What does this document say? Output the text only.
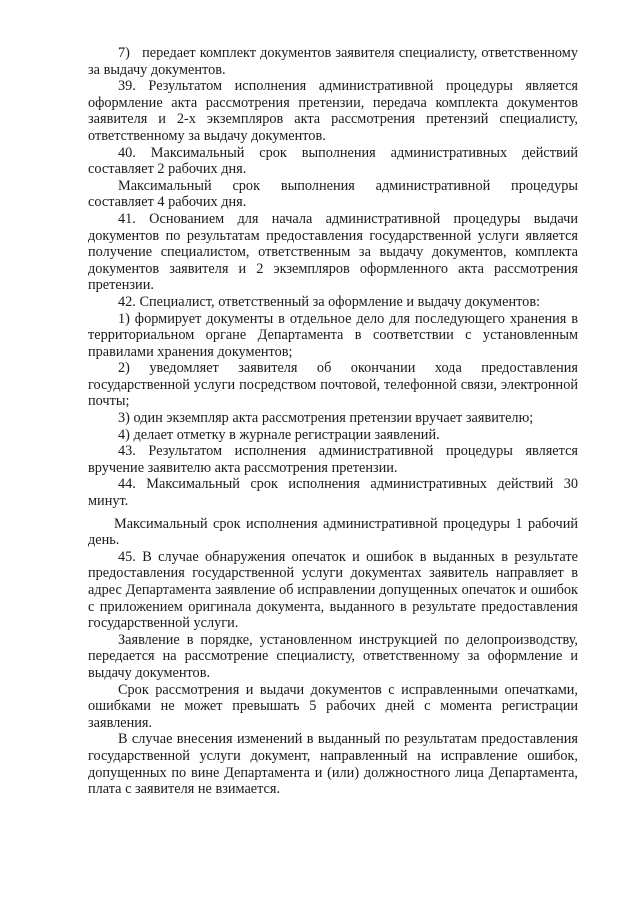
7)   передает комплект документов заявителя специалисту, ответственному за выдачу документов.

39. Результатом исполнения административной процедуры является оформление акта рассмотрения претензии, передача комплекта документов заявителя и 2-х экземпляров акта рассмотрения претензий специалисту, ответственному за выдачу документов.

40. Максимальный срок выполнения административных действий составляет 2 рабочих дня.

Максимальный срок выполнения административной процедуры составляет 4 рабочих дня.

41. Основанием для начала административной процедуры выдачи документов по результатам предоставления государственной услуги является получение специалистом, ответственным за выдачу документов, комплекта документов заявителя и 2 экземпляров оформленного акта рассмотрения претензии.

42. Специалист, ответственный за оформление и выдачу документов:

1) формирует документы в отдельное дело для последующего хранения в территориальном органе Департамента в соответствии с установленным правилами хранения документов;

2) уведомляет заявителя об окончании хода предоставления государственной услуги посредством почтовой, телефонной связи, электронной почты;

3) один экземпляр акта рассмотрения претензии вручает заявителю;

4) делает отметку в журнале регистрации заявлений.

43. Результатом исполнения административной процедуры является вручение заявителю акта рассмотрения претензии.

44. Максимальный срок исполнения административных действий 30 минут.

Максимальный срок исполнения административной процедуры 1 рабочий день.

45. В случае обнаружения опечаток и ошибок в выданных в результате предоставления государственной услуги документах заявитель направляет в адрес Департамента заявление об исправлении допущенных опечаток и ошибок с приложением оригинала документа, выданного в результате предоставления государственной услуги.

Заявление в порядке, установленном инструкцией по делопроизводству, передается на рассмотрение специалисту, ответственному за оформление и выдачу документов.

Срок рассмотрения и выдачи документов с исправленными опечатками, ошибками не может превышать 5 рабочих дней с момента регистрации заявления.

В случае внесения изменений в выданный по результатам предоставления государственной услуги документ, направленный на исправление ошибок, допущенных по вине Департамента и (или) должностного лица Департамента, плата с заявителя не взимается.
